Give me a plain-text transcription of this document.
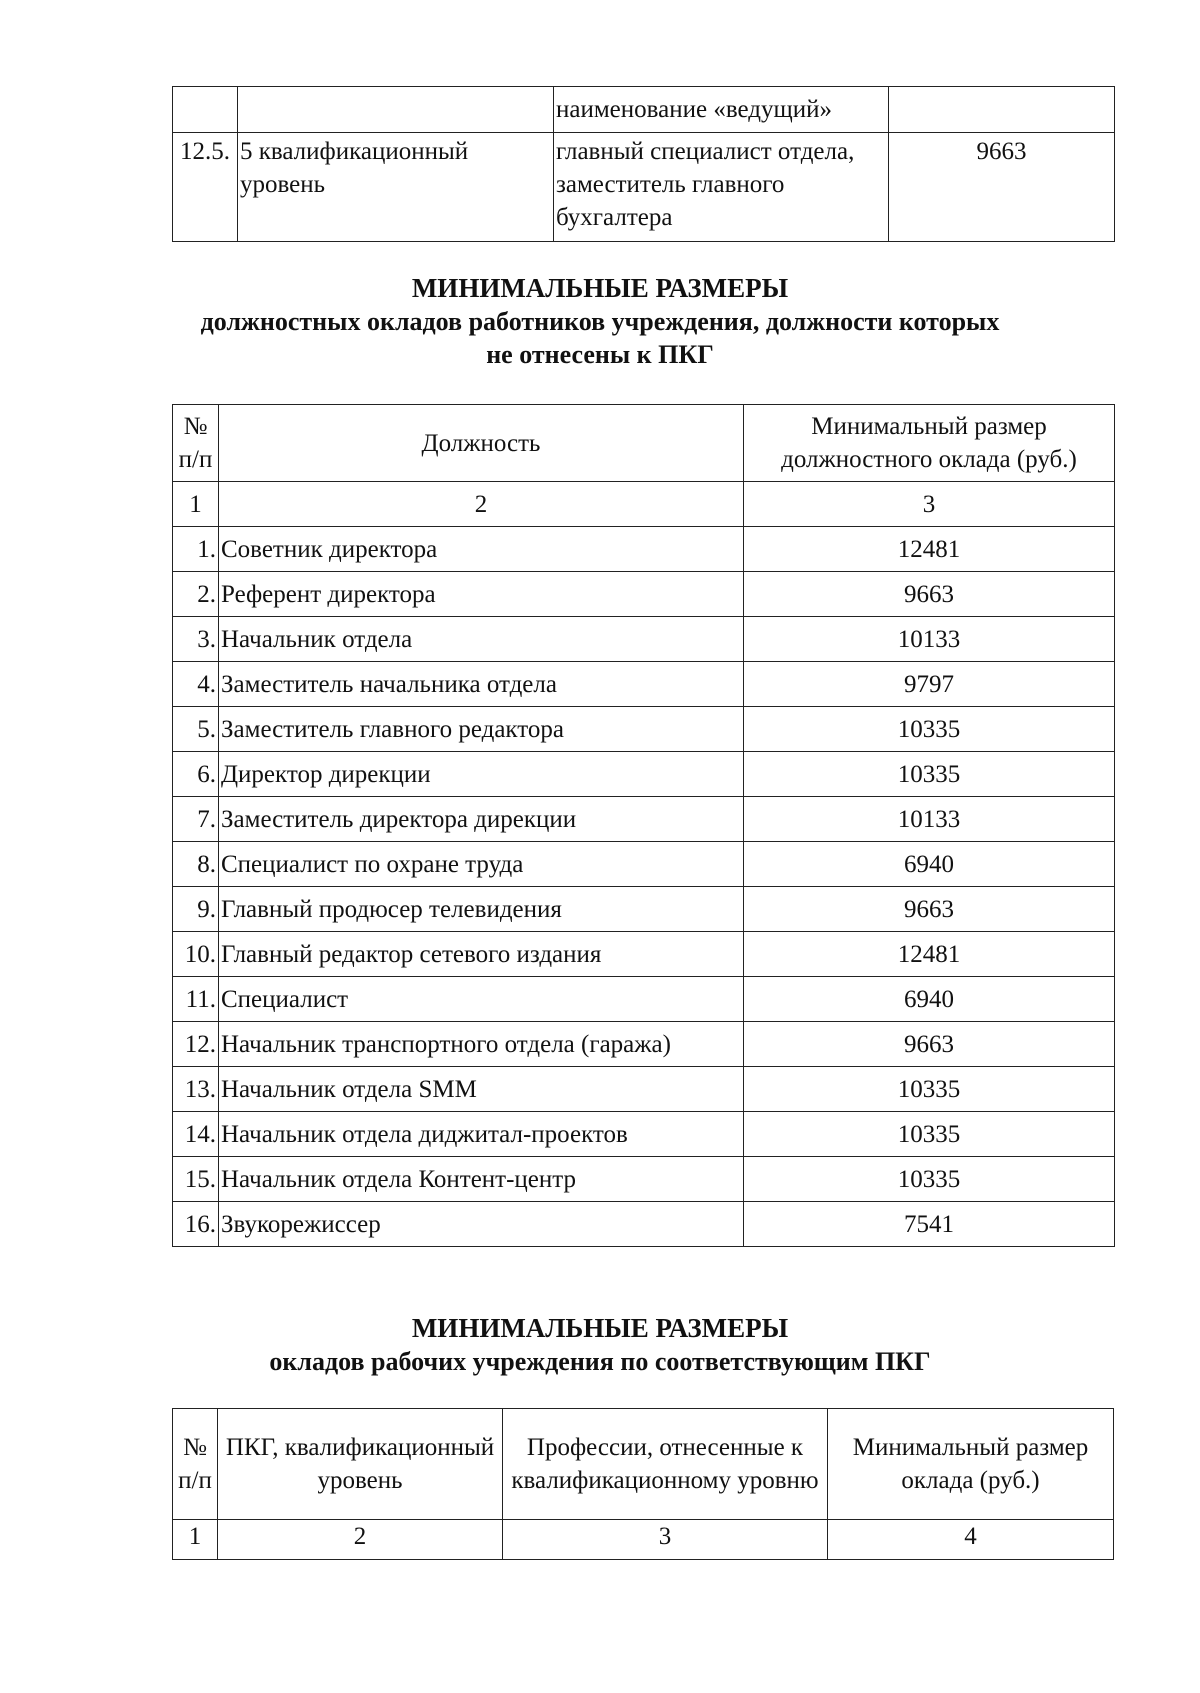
		наименование «ведущий»	
12.5.	5 квалификационный уровень	главный специалист отдела, заместитель главного бухгалтера	9663
МИНИМАЛЬНЫЕ РАЗМЕРЫ
должностных окладов работников учреждения, должности которых
не отнесены к ПКГ
№ п/п	Должность	Минимальный размер должностного оклада (руб.)
1	2	3
1.	Советник директора	12481
2.	Референт директора	9663
3.	Начальник отдела	10133
4.	Заместитель начальника отдела	9797
5.	Заместитель главного редактора	10335
6.	Директор дирекции	10335
7.	Заместитель директора дирекции	10133
8.	Специалист по охране труда	6940
9.	Главный продюсер телевидения	9663
10.	Главный редактор сетевого издания	12481
11.	Специалист	6940
12.	Начальник транспортного отдела (гаража)	9663
13.	Начальник отдела SMM	10335
14.	Начальник отдела диджитал-проектов	10335
15.	Начальник отдела Контент-центр	10335
16.	Звукорежиссер	7541
МИНИМАЛЬНЫЕ РАЗМЕРЫ
окладов рабочих учреждения по соответствующим ПКГ
№ п/п	ПКГ, квалификационный уровень	Профессии, отнесенные к квалификационному уровню	Минимальный размер оклада (руб.)
1	2	3	4
